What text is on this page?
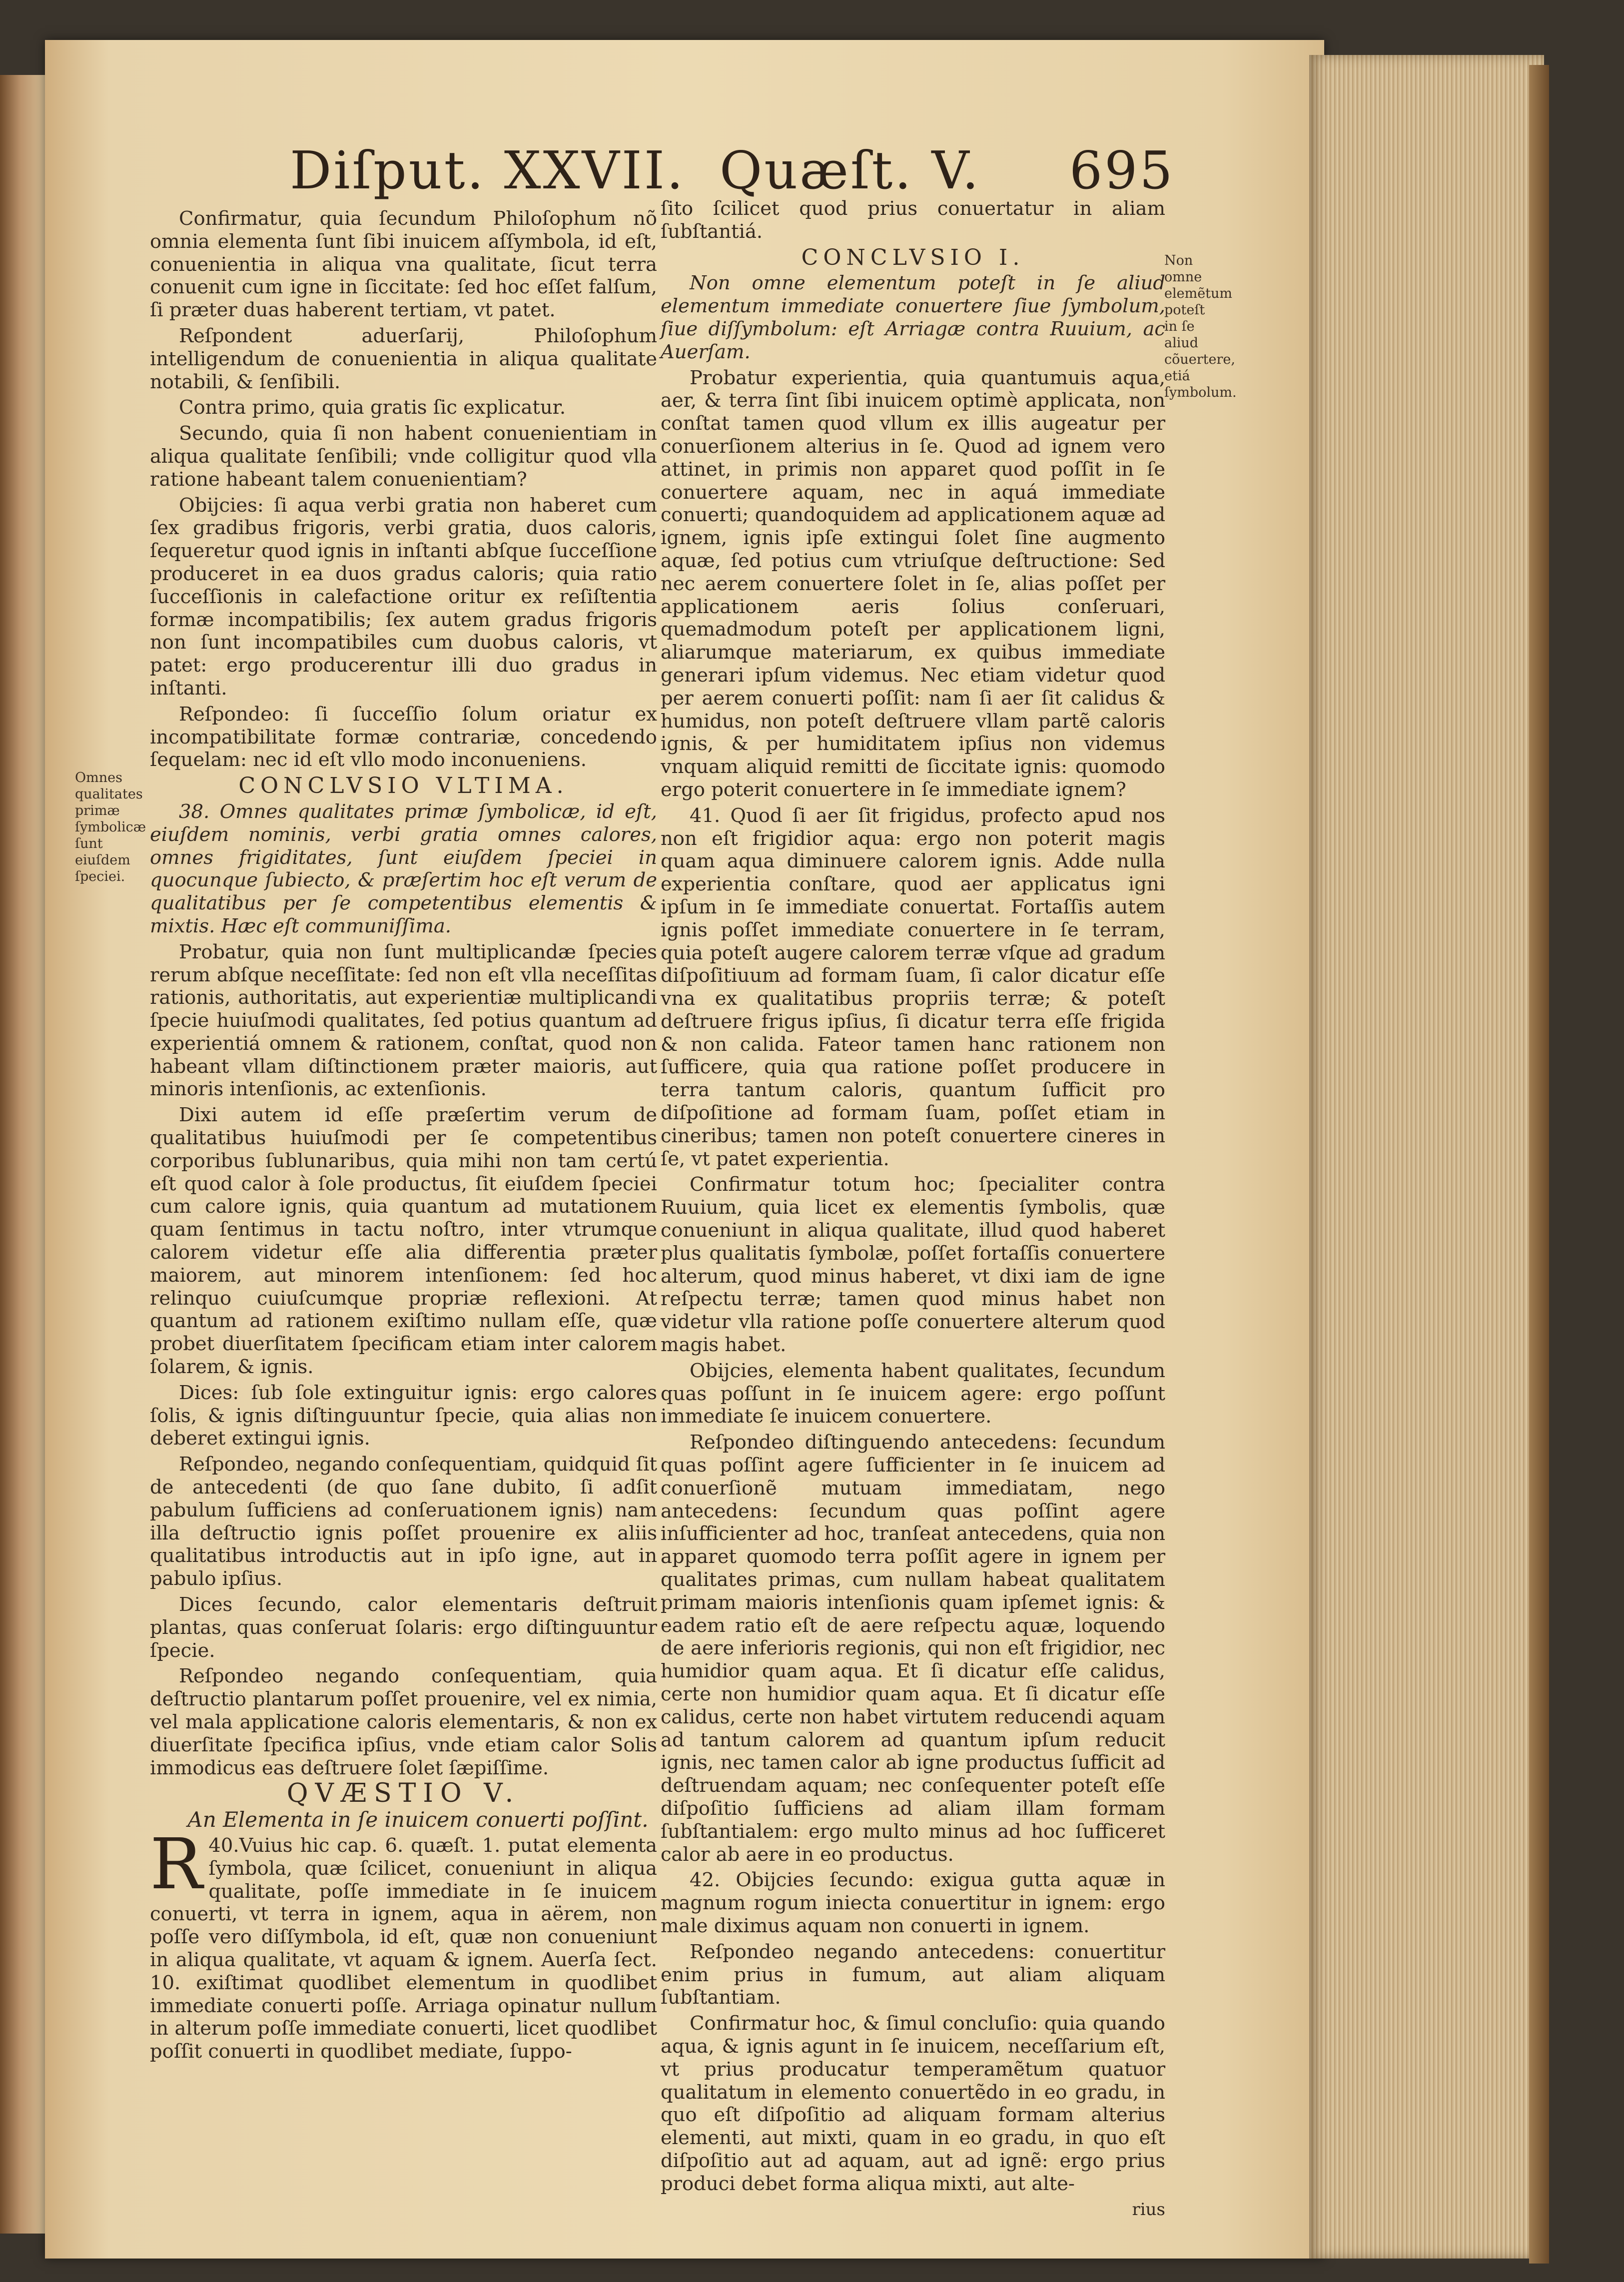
Diſput. XXVII. Quæſt. V. 695
Omnes qualitates primæ ſymbolicæ ſunt eiuſdem ſpeciei.
Non omne elemẽtum poteſt in ſe aliud cõuertere, etiá ſymbolum.

Confirmatur, quia ſecundum Philoſophum nõ omnia elementa ſunt ſibi inuicem aſſymbola, id eſt, conuenientia in aliqua vna qualitate, ſicut terra conuenit cum igne in ſiccitate: ſed hoc eſſet falſum, ſi præter duas haberent tertiam, vt patet.

Reſpondent aduerſarij, Philoſophum intelligendum de conuenientia in aliqua qualitate notabili, & ſenſibili.

Contra primo, quia gratis ſic explicatur.

Secundo, quia ſi non habent conuenientiam in aliqua qualitate ſenſibili; vnde colligitur quod vlla ratione habeant talem conuenientiam?

Obijcies: ſi aqua verbi gratia non haberet cum ſex gradibus frigoris, verbi gratia, duos caloris, ſequeretur quod ignis in inſtanti abſque ſucceſſione produceret in ea duos gradus caloris; quia ratio ſucceſſionis in calefactione oritur ex reſiſtentia formæ incompatibilis; ſex autem gradus frigoris non ſunt incompatibiles cum duobus caloris, vt patet: ergo producerentur illi duo gradus in inſtanti.

Reſpondeo: ſi ſucceſſio ſolum oriatur ex incompatibilitate formæ contrariæ, concedendo ſequelam: nec id eſt vllo modo inconueniens.

CONCLVSIO VLTIMA.

38. Omnes qualitates primæ ſymbolicæ, id eſt, eiuſdem nominis, verbi gratia omnes calores, omnes frigiditates, ſunt eiuſdem ſpeciei in quocunque ſubiecto, & præſertim hoc eſt verum de qualitatibus per ſe competentibus elementis & mixtis. Hæc eſt communiſſima.

Probatur, quia non ſunt multiplicandæ ſpecies rerum abſque neceſſitate: ſed non eſt vlla neceſſitas rationis, authoritatis, aut experientiæ multiplicandi ſpecie huiuſmodi qualitates, ſed potius quantum ad experientiá omnem & rationem, conſtat, quod non habeant vllam diſtinctionem præter maioris, aut minoris intenſionis, ac extenſionis.

Dixi autem id eſſe præſertim verum de qualitatibus huiuſmodi per ſe competentibus corporibus ſublunaribus, quia mihi non tam certú eſt quod calor à ſole productus, ſit eiuſdem ſpeciei cum calore ignis, quia quantum ad mutationem quam ſentimus in tactu noſtro, inter vtrumque calorem videtur eſſe alia differentia præter maiorem, aut minorem intenſionem: ſed hoc relinquo cuiuſcumque propriæ reflexioni. At quantum ad rationem exiſtimo nullam eſſe, quæ probet diuerſitatem ſpecificam etiam inter calorem ſolarem, & ignis.

Dices: ſub ſole extinguitur ignis: ergo calores ſolis, & ignis diſtinguuntur ſpecie, quia alias non deberet extingui ignis.

Reſpondeo, negando conſequentiam, quidquid ſit de antecedenti (de quo ſane dubito, ſi adſit pabulum ſufficiens ad conſeruationem ignis) nam illa deſtructio ignis poſſet prouenire ex aliis qualitatibus introductis aut in ipſo igne, aut in pabulo ipſius.

Dices ſecundo, calor elementaris deſtruit plantas, quas conſeruat ſolaris: ergo diſtinguuntur ſpecie.

Reſpondeo negando conſequentiam, quia deſtructio plantarum poſſet prouenire, vel ex nimia, vel mala applicatione caloris elementaris, & non ex diuerſitate ſpecifica ipſius, vnde etiam calor Solis immodicus eas deſtruere ſolet ſæpiſſime.

QVÆSTIO V.

An Elementa in ſe inuicem conuerti poſſint.

40.
R Vuius hic cap. 6. quæſt. 1. putat elementa ſymbola, quæ ſcilicet, conueniunt in aliqua qualitate, poſſe immediate in ſe inuicem conuerti, vt terra in ignem, aqua in aërem, non poſſe vero diſſymbola, id eſt, quæ non conueniunt in aliqua qualitate, vt aquam & ignem. Auerſa ſect. 10. exiſtimat quodlibet elementum in quodlibet immediate conuerti poſſe. Arriaga opinatur nullum in alterum poſſe immediate conuerti, licet quodlibet poſſit conuerti in quodlibet mediate, ſuppo-

ſito ſcilicet quod prius conuertatur in aliam ſubſtantiá.

CONCLVSIO I.

Non omne elementum poteſt in ſe aliud elementum immediate conuertere ſiue ſymbolum, ſiue diſſymbolum: eſt Arriagæ contra Ruuium, ac Auerſam.

Probatur experientia, quia quantumuis aqua, aer, & terra ſint ſibi inuicem optimè applicata, non conſtat tamen quod vllum ex illis augeatur per conuerſionem alterius in ſe. Quod ad ignem vero attinet, in primis non apparet quod poſſit in ſe conuertere aquam, nec in aquá immediate conuerti; quandoquidem ad applicationem aquæ ad ignem, ignis ipſe extingui ſolet ſine augmento aquæ, ſed potius cum vtriuſque deſtructione: Sed nec aerem conuertere ſolet in ſe, alias poſſet per applicationem aeris ſolius conſeruari, quemadmodum poteſt per applicationem ligni, aliarumque materiarum, ex quibus immediate generari ipſum videmus. Nec etiam videtur quod per aerem conuerti poſſit: nam ſi aer ſit calidus & humidus, non poteſt deſtruere vllam partẽ caloris ignis, & per humiditatem ipſius non videmus vnquam aliquid remitti de ſiccitate ignis: quomodo ergo poterit conuertere in ſe immediate ignem?

41. Quod ſi aer ſit frigidus, profecto apud nos non eſt frigidior aqua: ergo non poterit magis quam aqua diminuere calorem ignis. Adde nulla experientia conſtare, quod aer applicatus igni ipſum in ſe immediate conuertat. Fortaſſis autem ignis poſſet immediate conuertere in ſe terram, quia poteſt augere calorem terræ vſque ad gradum diſpoſitiuum ad formam ſuam, ſi calor dicatur eſſe vna ex qualitatibus propriis terræ; & poteſt deſtruere frigus ipſius, ſi dicatur terra eſſe frigida & non calida. Fateor tamen hanc rationem non ſufficere, quia qua ratione poſſet producere in terra tantum caloris, quantum ſufficit pro diſpoſitione ad formam ſuam, poſſet etiam in cineribus; tamen non poteſt conuertere cineres in ſe, vt patet experientia.

Confirmatur totum hoc; ſpecialiter contra Ruuium, quia licet ex elementis ſymbolis, quæ conueniunt in aliqua qualitate, illud quod haberet plus qualitatis ſymbolæ, poſſet fortaſſis conuertere alterum, quod minus haberet, vt dixi iam de igne reſpectu terræ; tamen quod minus habet non videtur vlla ratione poſſe conuertere alterum quod magis habet.

Obijcies, elementa habent qualitates, ſecundum quas poſſunt in ſe inuicem agere: ergo poſſunt immediate ſe inuicem conuertere.

Reſpondeo diſtinguendo antecedens: ſecundum quas poſſint agere ſufficienter in ſe inuicem ad conuerſionẽ mutuam immediatam, nego antecedens: ſecundum quas poſſint agere inſufficienter ad hoc, tranſeat antecedens, quia non apparet quomodo terra poſſit agere in ignem per qualitates primas, cum nullam habeat qualitatem primam maioris intenſionis quam ipſemet ignis: & eadem ratio eſt de aere reſpectu aquæ, loquendo de aere inferioris regionis, qui non eſt frigidior, nec humidior quam aqua. Et ſi dicatur eſſe calidus, certe non humidior quam aqua. Et ſi dicatur eſſe calidus, certe non habet virtutem reducendi aquam ad tantum calorem ad quantum ipſum reducit ignis, nec tamen calor ab igne productus ſufficit ad deſtruendam aquam; nec conſequenter poteſt eſſe diſpoſitio ſufficiens ad aliam illam formam ſubſtantialem: ergo multo minus ad hoc ſufficeret calor ab aere in eo productus.

42. Obijcies ſecundo: exigua gutta aquæ in magnum rogum iniecta conuertitur in ignem: ergo male diximus aquam non conuerti in ignem.

Reſpondeo negando antecedens: conuertitur enim prius in fumum, aut aliam aliquam ſubſtantiam.

Confirmatur hoc, & ſimul concluſio: quia quando aqua, & ignis agunt in ſe inuicem, neceſſarium eſt, vt prius producatur temperamẽtum quatuor qualitatum in elemento conuertẽdo in eo gradu, in quo eſt diſpoſitio ad aliquam formam alterius elementi, aut mixti, quam in eo gradu, in quo eſt diſpoſitio aut ad aquam, aut ad ignẽ: ergo prius produci debet forma aliqua mixti, aut alte-

rius
